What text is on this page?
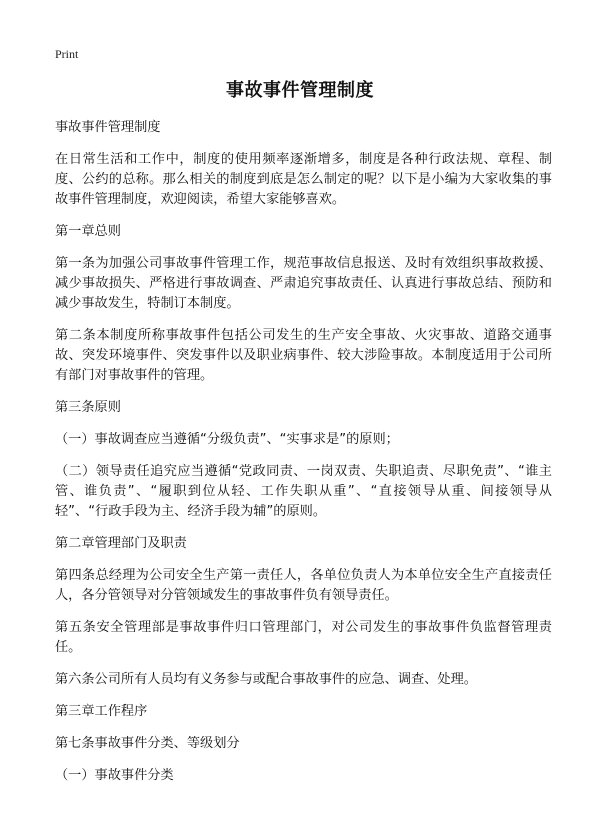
Print
事故事件管理制度

事故事件管理制度

在日常生活和工作中，制度的使用频率逐渐增多，制度是各种行政法规、章程、制度、公约的总称。那么相关的制度到底是怎么制定的呢？以下是小编为大家收集的事故事件管理制度，欢迎阅读，希望大家能够喜欢。

第一章总则

第一条为加强公司事故事件管理工作，规范事故信息报送、及时有效组织事故救援、减少事故损失、严格进行事故调查、严肃追究事故责任、认真进行事故总结、预防和减少事故发生，特制订本制度。

第二条本制度所称事故事件包括公司发生的生产安全事故、火灾事故、道路交通事故、突发环境事件、突发事件以及职业病事件、较大涉险事故。本制度适用于公司所有部门对事故事件的管理。

第三条原则

（一）事故调查应当遵循“分级负责”、“实事求是”的原则；

（二）领导责任追究应当遵循“党政同责、一岗双责、失职追责、尽职免责”、“谁主管、谁负责”、“履职到位从轻、工作失职从重”、“直接领导从重、间接领导从轻”、“行政手段为主、经济手段为辅”的原则。

第二章管理部门及职责

第四条总经理为公司安全生产第一责任人，各单位负责人为本单位安全生产直接责任人，各分管领导对分管领域发生的事故事件负有领导责任。

第五条安全管理部是事故事件归口管理部门，对公司发生的事故事件负监督管理责任。

第六条公司所有人员均有义务参与或配合事故事件的应急、调查、处理。

第三章工作程序

第七条事故事件分类、等级划分

（一）事故事件分类
